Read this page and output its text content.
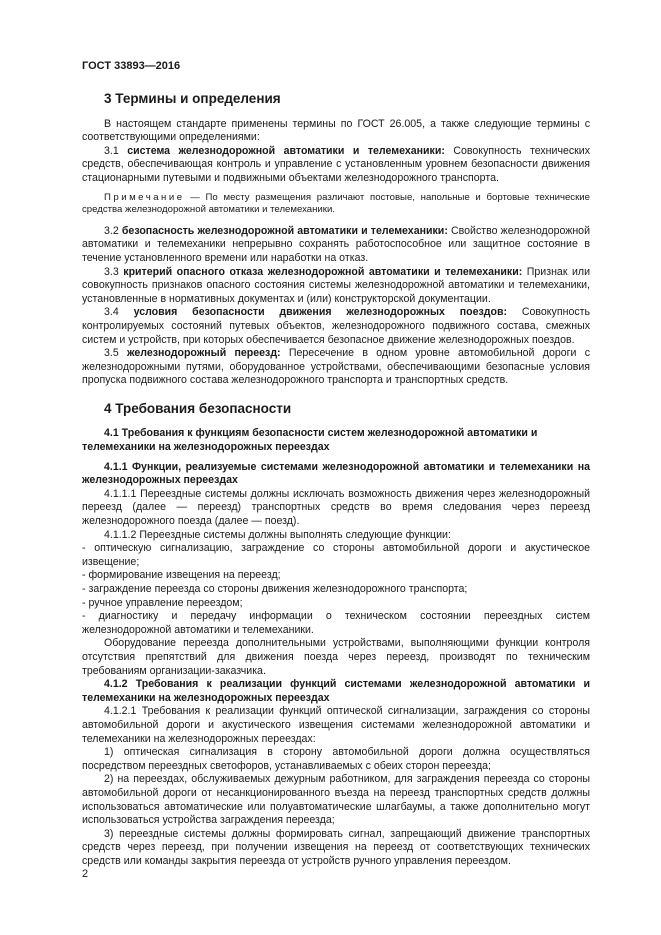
ГОСТ 33893—2016

3 Термины и определения

В настоящем стандарте применены термины по ГОСТ 26.005, а также следующие термины с соответствующими определениями:

3.1 система железнодорожной автоматики и телемеханики: Совокупность технических средств, обеспечивающая контроль и управление с установленным уровнем безопасности движения стационарными путевыми и подвижными объектами железнодорожного транспорта.

Примечание — По месту размещения различают постовые, напольные и бортовые технические средства железнодорожной автоматики и телемеханики.

3.2 безопасность железнодорожной автоматики и телемеханики: Свойство железнодорожной автоматики и телемеханики непрерывно сохранять работоспособное или защитное состояние в течение установленного времени или наработки на отказ.

3.3 критерий опасного отказа железнодорожной автоматики и телемеханики: Признак или совокупность признаков опасного состояния системы железнодорожной автоматики и телемеханики, установленные в нормативных документах и (или) конструкторской документации.

3.4 условия безопасности движения железнодорожных поездов: Совокупность контролируемых состояний путевых объектов, железнодорожного подвижного состава, смежных систем и устройств, при которых обеспечивается безопасное движение железнодорожных поездов.

3.5 железнодорожный переезд: Пересечение в одном уровне автомобильной дороги с железнодорожными путями, оборудованное устройствами, обеспечивающими безопасные условия пропуска подвижного состава железнодорожного транспорта и транспортных средств.

4 Требования безопасности

4.1 Требования к функциям безопасности систем железнодорожной автоматики и телемеханики на железнодорожных переездах

4.1.1 Функции, реализуемые системами железнодорожной автоматики и телемеханики на железнодорожных переездах

4.1.1.1 Переездные системы должны исключать возможность движения через железнодорожный переезд (далее — переезд) транспортных средств во время следования через переезд железнодорожного поезда (далее — поезд).

4.1.1.2 Переездные системы должны выполнять следующие функции:

- оптическую сигнализацию, заграждение со стороны автомобильной дороги и акустическое извещение;

- формирование извещения на переезд;

- заграждение переезда со стороны движения железнодорожного транспорта;

- ручное управление переездом;

- диагностику и передачу информации о техническом состоянии переездных систем железнодорожной автоматики и телемеханики.

Оборудование переезда дополнительными устройствами, выполняющими функции контроля отсутствия препятствий для движения поезда через переезд, производят по техническим требованиям организации-заказчика.

4.1.2 Требования к реализации функций системами железнодорожной автоматики и телемеханики на железнодорожных переездах

4.1.2.1 Требования к реализации функций оптической сигнализации, заграждения со стороны автомобильной дороги и акустического извещения системами железнодорожной автоматики и телемеханики на железнодорожных переездах:

1) оптическая сигнализация в сторону автомобильной дороги должна осуществляться посредством переездных светофоров, устанавливаемых с обеих сторон переезда;

2) на переездах, обслуживаемых дежурным работником, для заграждения переезда со стороны автомобильной дороги от несанкционированного въезда на переезд транспортных средств должны использоваться автоматические или полуавтоматические шлагбаумы, а также дополнительно могут использоваться устройства заграждения переезда;

3) переездные системы должны формировать сигнал, запрещающий движение транспортных средств через переезд, при получении извещения на переезд от соответствующих технических средств или команды закрытия переезда от устройств ручного управления переездом.

2
